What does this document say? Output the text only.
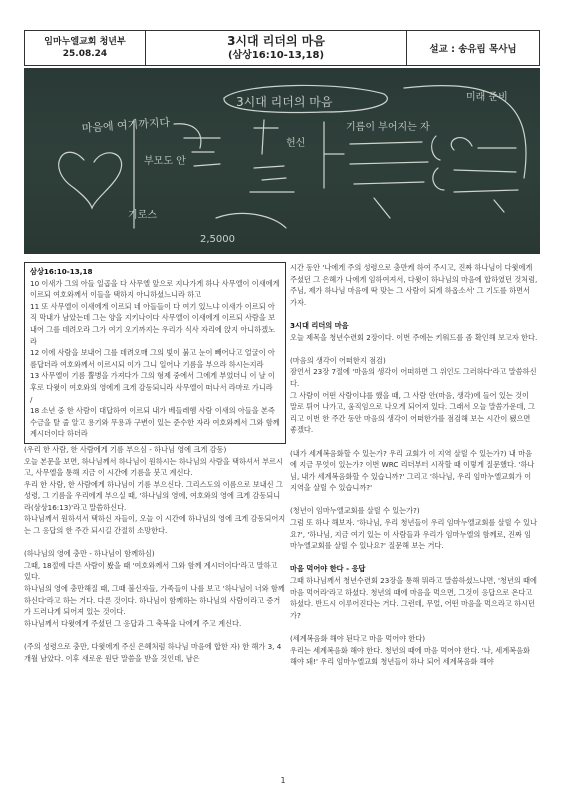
임마누엘교회 청년부
25.08.24
3시대 리더의 마음
(삼상16:10-13,18)
설교 : 송유림 목사님
3시대 리더의 마음
마음에 여기까지다
부모도 안
기로스
헌신
2,5000
기름이 부어지는 자
미래 준비
삼상16:10-13,18
10 이새가 그의 아들 일곱을 다 사무엘 앞으로 지나가게 하나 사무엘이 이새에게 이르되 여호와께서 이들을 택하지 아니하셨느니라 하고
11 또 사무엘이 이새에게 이르되 네 아들들이 다 여기 있느냐 이새가 이르되 아직 막내가 남았는데 그는 양을 지키나이다 사무엘이 이새에게 이르되 사람을 보내어 그를 데려오라 그가 여기 오기까지는 우리가 식사 자리에 앉지 아니하겠노라
12 이에 사람을 보내어 그를 데려오매 그의 빛이 붉고 눈이 빼어나고 얼굴이 아름답더라 여호와께서 이르시되 이가 그니 일어나 기름을 부으라 하시는지라
13 사무엘이 기름 뿔병을 가져다가 그의 형제 중에서 그에게 부었더니 이 날 이후로 다윗이 여호와의 영에게 크게 감동되니라 사무엘이 떠나서 라마로 가니라
/
18 소년 중 한 사람이 대답하여 이르되 내가 베들레헴 사람 이새의 아들을 본즉 수금을 탈 줄 알고 용기와 무용과 구변이 있는 준수한 자라 여호와께서 그와 함께 계시더이다 하더라
(우리 한 사람, 한 사람에게 기름 부으심 - 하나님 영에 크게 감동)
오늘 본문을 보면, 하나님께서 하나님이 원하시는 하나님의 사람을 택하셔서 부르시고, 사무엘을 통해 지금 이 시간에 기름을 붓고 계신다.
우리 한 사람, 한 사람에게 하나님이 기름 부으신다. 그리스도의 이름으로 보내신 그 성령, 그 기름을 우리에게 부으실 때, '하나님의 영에, 여호와의 영에 크게 감동되니라(삼상16:13)'라고 말씀하신다.
하나님께서 원하셔서 택하신 자들이, 오늘 이 시간에 하나님의 영에 크게 감동되어지는 그 응답의 한 주간 되시길 간절히 소망한다.
(하나님의 영에 충만 - 하나님이 함께하심)
그때, 18절에 다른 사람이 봤을 때 '여호와께서 그와 함께 계시더이다'라고 말하고 있다.
하나님의 영에 충만해질 때, 그때 불신자들, 가족들이 나를 보고 '하나님이 너와 함께하신다'라고 하는 거다. 다른 것이다. 하나님이 함께하는 하나님의 사람이라고 증거가 드러나게 되어져 있는 것이다.
하나님께서 다윗에게 주셨던 그 응답과 그 축복을 나에게 주고 계신다.
(주의 성령으로 충만, 다윗에게 주신 은혜처럼 하나님 마음에 합한 자) 한 해가 3, 4개월 남았다. 이후 새로운 원단 말씀을 받을 것인데, 남은
시간 동안 '나에게 주의 성령으로 충만케 하여 주시고, 진짜 하나님이 다윗에게 주셨던 그 은혜가 나에게 임하여져서, 다윗이 하나님의 마음에 합하였던 것처럼, 주님, 제가 하나님 마음에 딱 맞는 그 사람이 되게 하옵소서' 그 기도를 하면서 가자.
3시대 리더의 마음
오늘 제목을 청년수련회 2장이다. 이번 주에는 키워드를 좀 확인해 보고자 한다.
(마음의 생각이 어떠한지 점검)
잠언서 23장 7절에 '마음의 생각이 어떠하면 그 위인도 그러하다'라고 말씀하신다.
그 사람이 어떤 사람이냐를 했을 때, 그 사람 안(마음, 생각)에 들어 있는 것이 말로 튀어 나가고, 움직임으로 나오게 되어져 있다. 그래서 오늘 말씀가운데, 그리고 이번 한 주간 동안 마음의 생각이 어떠한가를 점검해 보는 시간이 됐으면 좋겠다.
(내가 세계복음화할 수 있는가? 우리 교회가 이 지역 살릴 수 있는가?) 내 마음에 지금 무엇이 있는가? 이번 WRC 리더부터 시작할 때 이렇게 질문했다. '하나님, 내가 세계복음화할 수 있습니까?' 그리고 '하나님, 우리 임마누엘교회가 이 지역을 살릴 수 있습니까?'
(청년이 임마누엘교회를 살릴 수 있는가?)
그럼 또 하나 해보자. '하나님, 우리 청년들이 우리 임마누엘교회를 살릴 수 있나요?', '하나님, 지금 여기 있는 이 사람들과 우리가 임마누엘의 함께로, 진짜 임마누엘교회를 살릴 수 있나요?' 질문해 보는 거다.
마음 먹어야 한다 - 응답
그때 하나님께서 청년수련회 23장을 통해 뭐라고 말씀하셨느냐면, '청년의 때에 마음 먹어라'라고 하셨다. 청년의 때에 마음을 먹으면, 그것이 응답으로 온다고 하셨다. 반드시 이루어진다는 거다. 그런데, 무얼, 어떤 마음을 먹으라고 하시던가?
(세계복음화 해야 된다고 마음 먹어야 한다)
우리는 세계복음화 해야 한다. 청년의 때에 마음 먹어야 한다. '나, 세계복음화 해야 돼!' 우리 임마누엘교회 청년들이 하나 되어 세계복음화 해야
1
